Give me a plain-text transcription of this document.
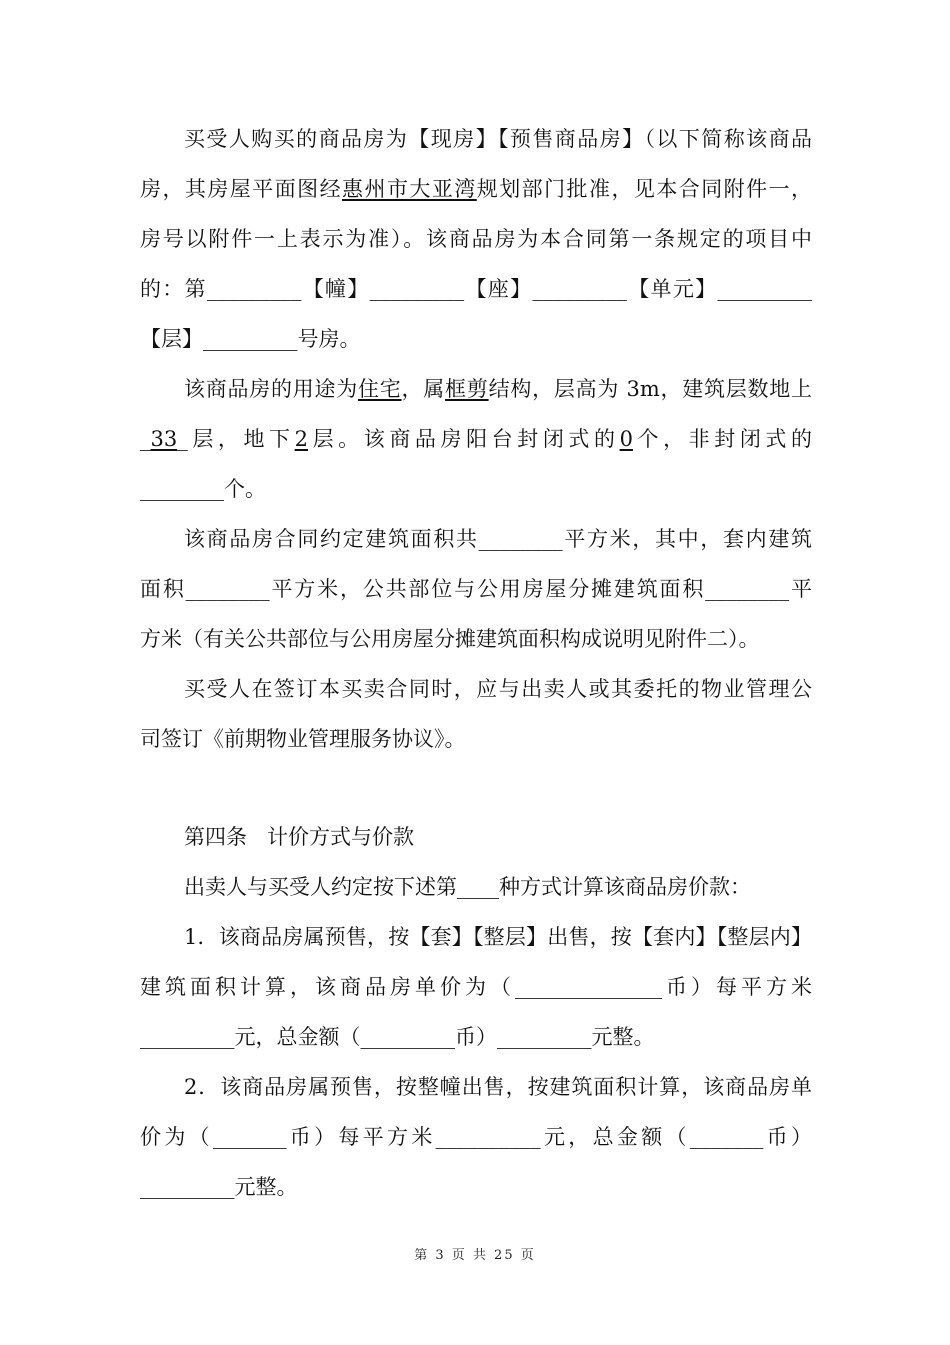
买受人购买的商品房为【现房】【预售商品房】（以下简称该商品
房，其房屋平面图经惠州市大亚湾规划部门批准，见本合同附件一，
房号以附件一上表示为准）。该商品房为本合同第一条规定的项目中
的：第_________【幢】_________【座】_________【单元】_________
【层】_________号房。
该商品房的用途为住宅，属框剪结构，层高为 3m，建筑层数地上
_33_层，地下2层。该商品房阳台封闭式的0个，非封闭式的
________个。
该商品房合同约定建筑面积共________平方米，其中，套内建筑
面积________平方米，公共部位与公用房屋分摊建筑面积________平
方米（有关公共部位与公用房屋分摊建筑面积构成说明见附件二）。
买受人在签订本买卖合同时，应与出卖人或其委托的物业管理公
司签订《前期物业管理服务协议》。
第四条 计价方式与价款
出卖人与买受人约定按下述第____种方式计算该商品房价款：
1．该商品房属预售，按【套】【整层】出售，按【套内】【整层内】
建筑面积计算，该商品房单价为（______________币）每平方米
_________元，总金额（_________币）_________元整。
2．该商品房属预售，按整幢出售，按建筑面积计算，该商品房单
价为（_______币）每平方米__________元，总金额（_______币）
_________元整。
第 3 页 共 25 页
